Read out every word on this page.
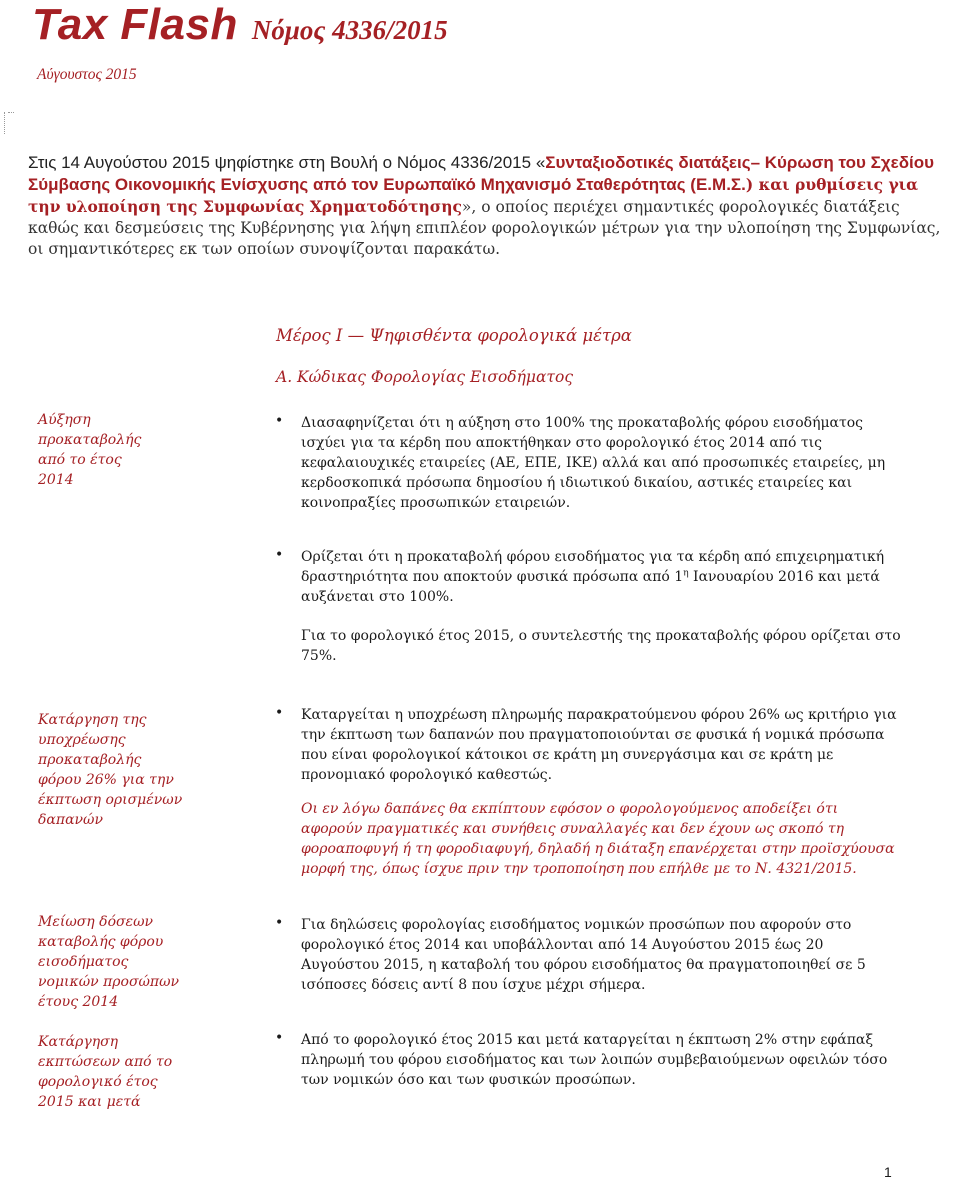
Tax Flash Νόμος 4336/2015
Αύγουστος 2015
Στις 14 Αυγούστου 2015 ψηφίστηκε στη Βουλή ο Νόμος 4336/2015 «Συνταξιοδοτικές διατάξεις– Κύρωση του Σχεδίου Σύμβασης Οικονομικής Ενίσχυσης από τον Ευρωπαϊκό Μηχανισμό Σταθερότητας (Ε.Μ.Σ.) και ρυθμίσεις για την υλοποίηση της Συμφωνίας Χρηματοδότησης», ο οποίος περιέχει σημαντικές φορολογικές διατάξεις καθώς και δεσμεύσεις της Κυβέρνησης για λήψη επιπλέον φορολογικών μέτρων για την υλοποίηση της Συμφωνίας, οι σημαντικότερες εκ των οποίων συνοψίζονται παρακάτω.
Μέρος Ι — Ψηφισθέντα φορολογικά μέτρα
Α. Κώδικας Φορολογίας Εισοδήματος
Αύξηση
προκαταβολής
από το έτος
2014
• Διασαφηνίζεται ότι η αύξηση στο 100% της προκαταβολής φόρου εισοδήματος ισχύει για τα κέρδη που αποκτήθηκαν στο φορολογικό έτος 2014 από τις κεφαλαιουχικές εταιρείες (ΑΕ, ΕΠΕ, ΙΚΕ) αλλά και από προσωπικές εταιρείες, μη κερδοσκοπικά πρόσωπα δημοσίου ή ιδιωτικού δικαίου, αστικές εταιρείες και κοινοπραξίες προσωπικών εταιρειών.
• Ορίζεται ότι η προκαταβολή φόρου εισοδήματος για τα κέρδη από επιχειρηματική δραστηριότητα που αποκτούν φυσικά πρόσωπα από $1^\eta$ Ιανουαρίου 2016 και μετά αυξάνεται στο 100%.
Για το φορολογικό έτος 2015, ο συντελεστής της προκαταβολής φόρου ορίζεται στο 75%.
Κατάργηση της
υποχρέωσης
προκαταβολής
φόρου 26% για την
έκπτωση ορισμένων
δαπανών
• Καταργείται η υποχρέωση πληρωμής παρακρατούμενου φόρου 26% ως κριτήριο για την έκπτωση των δαπανών που πραγματοποιούνται σε φυσικά ή νομικά πρόσωπα που είναι φορολογικοί κάτοικοι σε κράτη μη συνεργάσιμα και σε κράτη με προνομιακό φορολογικό καθεστώς.
Οι εν λόγω δαπάνες θα εκπίπτουν εφόσον ο φορολογούμενος αποδείξει ότι αφορούν πραγματικές και συνήθεις συναλλαγές και δεν έχουν ως σκοπό τη φοροαποφυγή ή τη φοροδιαφυγή, δηλαδή η διάταξη επανέρχεται στην προϊσχύουσα μορφή της, όπως ίσχυε πριν την τροποποίηση που επήλθε με το Ν. 4321/2015.
Μείωση δόσεων
καταβολής φόρου
εισοδήματος
νομικών προσώπων
έτους 2014
• Για δηλώσεις φορολογίας εισοδήματος νομικών προσώπων που αφορούν στο φορολογικό έτος 2014 και υποβάλλονται από 14 Αυγούστου 2015 έως 20 Αυγούστου 2015, η καταβολή του φόρου εισοδήματος θα πραγματοποιηθεί σε 5 ισόποσες δόσεις αντί 8 που ίσχυε μέχρι σήμερα.
Κατάργηση
εκπτώσεων από το
φορολογικό έτος
2015 και μετά
• Από το φορολογικό έτος 2015 και μετά καταργείται η έκπτωση 2% στην εφάπαξ πληρωμή του φόρου εισοδήματος και των λοιπών συμβεβαιούμενων οφειλών τόσο των νομικών όσο και των φυσικών προσώπων.
1
